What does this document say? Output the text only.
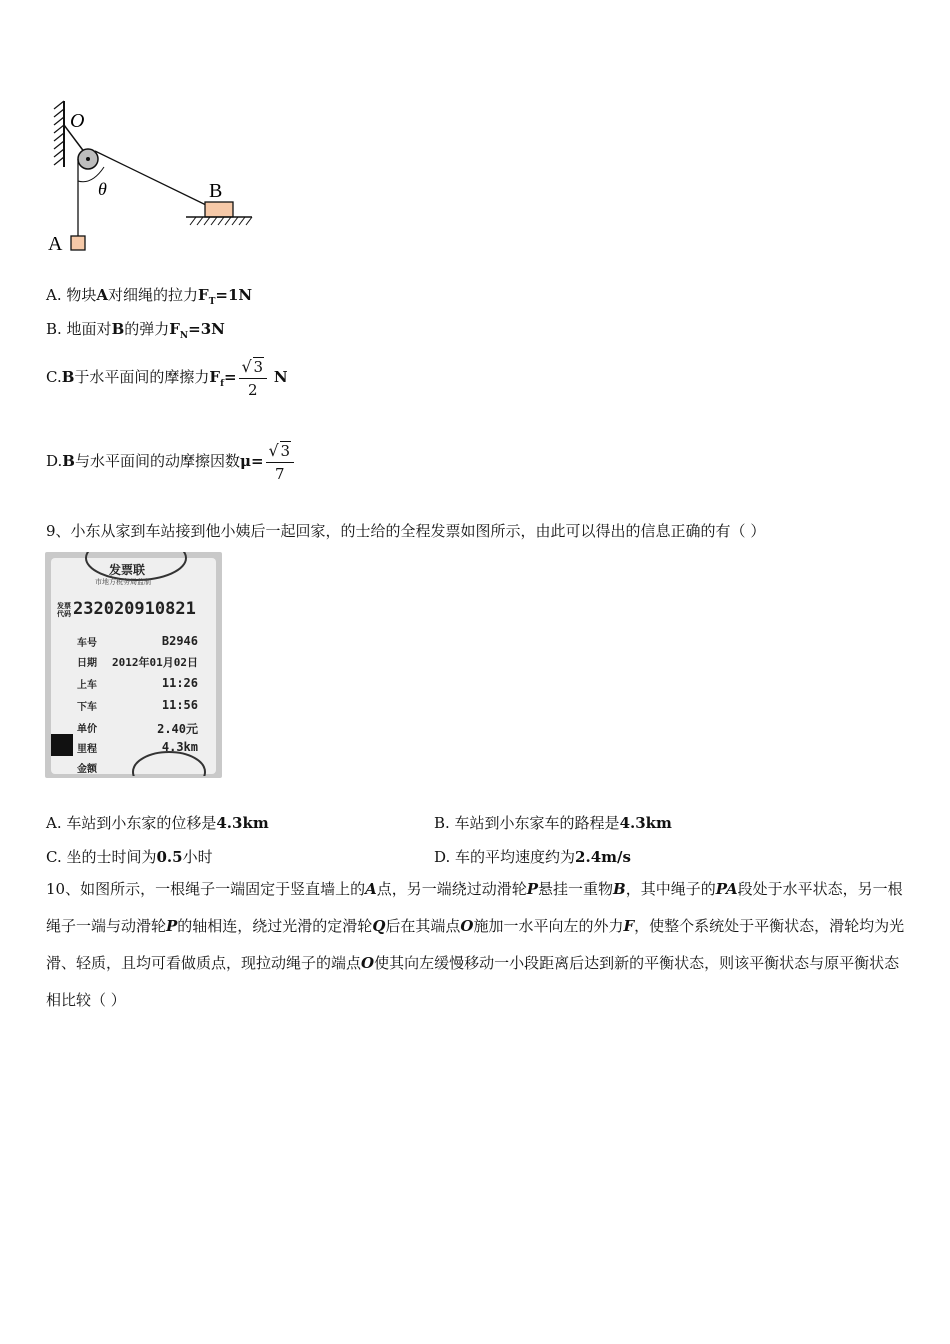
O
θ	B
A
A. 物块A对细绳的拉力$F_T=1N$
B. 地面对B的弹力$F_N=3N$
C.B于水平面间的摩擦力$F_f= \frac{√ 3}{2}$ N
D.B与水平面间的动摩擦因数$\mu= \frac{√ 3}{7}$
9、小东从家到车站接到他小姨后一起回家，的士给的全程发票如图所示，由此可以得出的信息正确的有（ ）
发票联
市地方税务局监制
发票代码 232020910821
车号	B2946
日期 2012年01月02日
上车	11:26
下车	11:56
单价	2.40元
里程	4.3km
金额
A. 车站到小东家的位移是4.3km	B. 车站到小东家车的路程是4.3km
C. 坐的士时间为0.5小时	D. 车的平均速度约为2.4m/s
10、如图所示，一根绳子一端固定于竖直墙上的A点，另一端绕过动滑轮P悬挂一重物B，其中绳子的PA段处于水平状态，另一根绳子一端与动滑轮P的轴相连，绕过光滑的定滑轮Q后在其端点O施加一水平向左的外力F，使整个系统处于平衡状态，滑轮均为光滑、轻质，且均可看做质点，现拉动绳子的端点O使其向左缓慢移动一小段距离后达到新的平衡状态，则该平衡状态与原平衡状态相比较（ ）
